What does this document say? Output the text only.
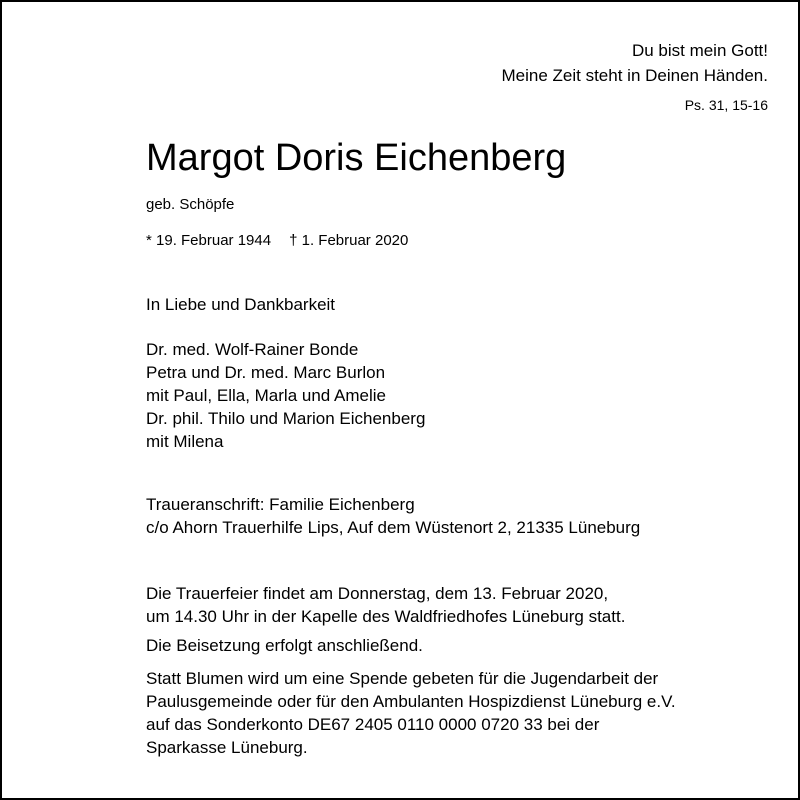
Du bist mein Gott!
Meine Zeit steht in Deinen Händen.
Ps. 31, 15-16
Margot Doris Eichenberg
geb. Schöpfe
* 19. Februar 1944 † 1. Februar 2020
In Liebe und Dankbarkeit
Dr. med. Wolf-Rainer Bonde
Petra und Dr. med. Marc Burlon
mit Paul, Ella, Marla und Amelie
Dr. phil. Thilo und Marion Eichenberg
mit Milena
Traueranschrift: Familie Eichenberg
c/o Ahorn Trauerhilfe Lips, Auf dem Wüstenort 2, 21335 Lüneburg
Die Trauerfeier findet am Donnerstag, dem 13. Februar 2020,
um 14.30 Uhr in der Kapelle des Waldfriedhofes Lüneburg statt.
Die Beisetzung erfolgt anschließend.
Statt Blumen wird um eine Spende gebeten für die Jugendarbeit der
Paulusgemeinde oder für den Ambulanten Hospizdienst Lüneburg e.V.
auf das Sonderkonto DE67 2405 0110 0000 0720 33 bei der
Sparkasse Lüneburg.
